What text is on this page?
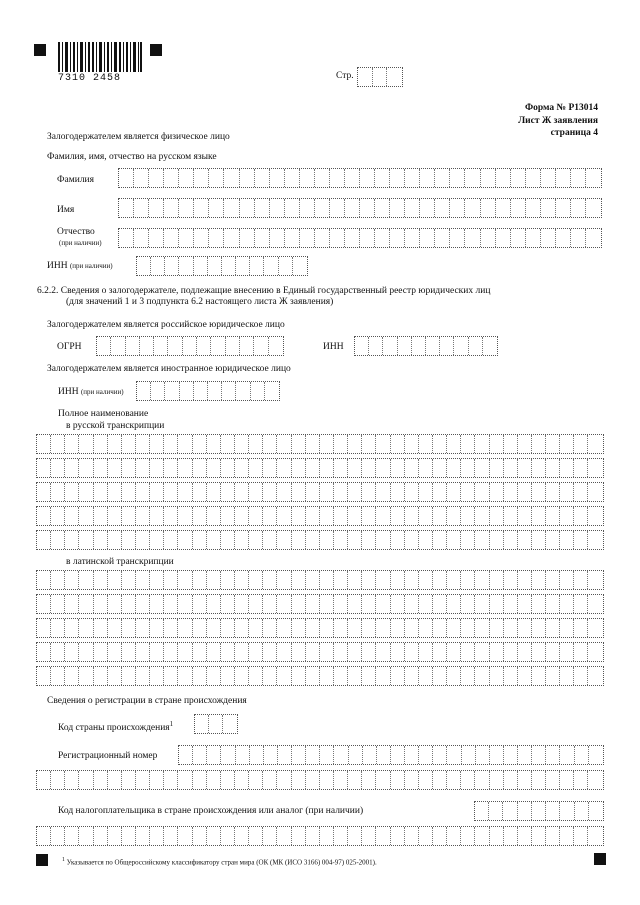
7310 2458	Стр.
Форма № Р13014
Лист Ж заявления
страница 4
Залогодержателем является физическое лицо
Фамилия, имя, отчество на русском языке
Фамилия
Имя
Отчество
(при наличии)
ИНН (при наличии)
6.2.2. Сведения о залогодержателе, подлежащие внесению в Единый государственный реестр юридических лиц
(для значений 1 и 3 подпункта 6.2 настоящего листа Ж заявления)
Залогодержателем является российское юридическое лицо
ОГРН	ИНН
Залогодержателем является иностранное юридическое лицо
ИНН (при наличии)
Полное наименование
в русской транскрипции
в латинской транскрипции
Сведения о регистрации в стране происхождения
Код страны происхождения$^1$
Регистрационный номер
Код налогоплательщика в стране происхождения или аналог (при наличии)
$^1$ Указывается по Общероссийскому классификатору стран мира (ОК (МК (ИСО 3166) 004-97) 025-2001).
